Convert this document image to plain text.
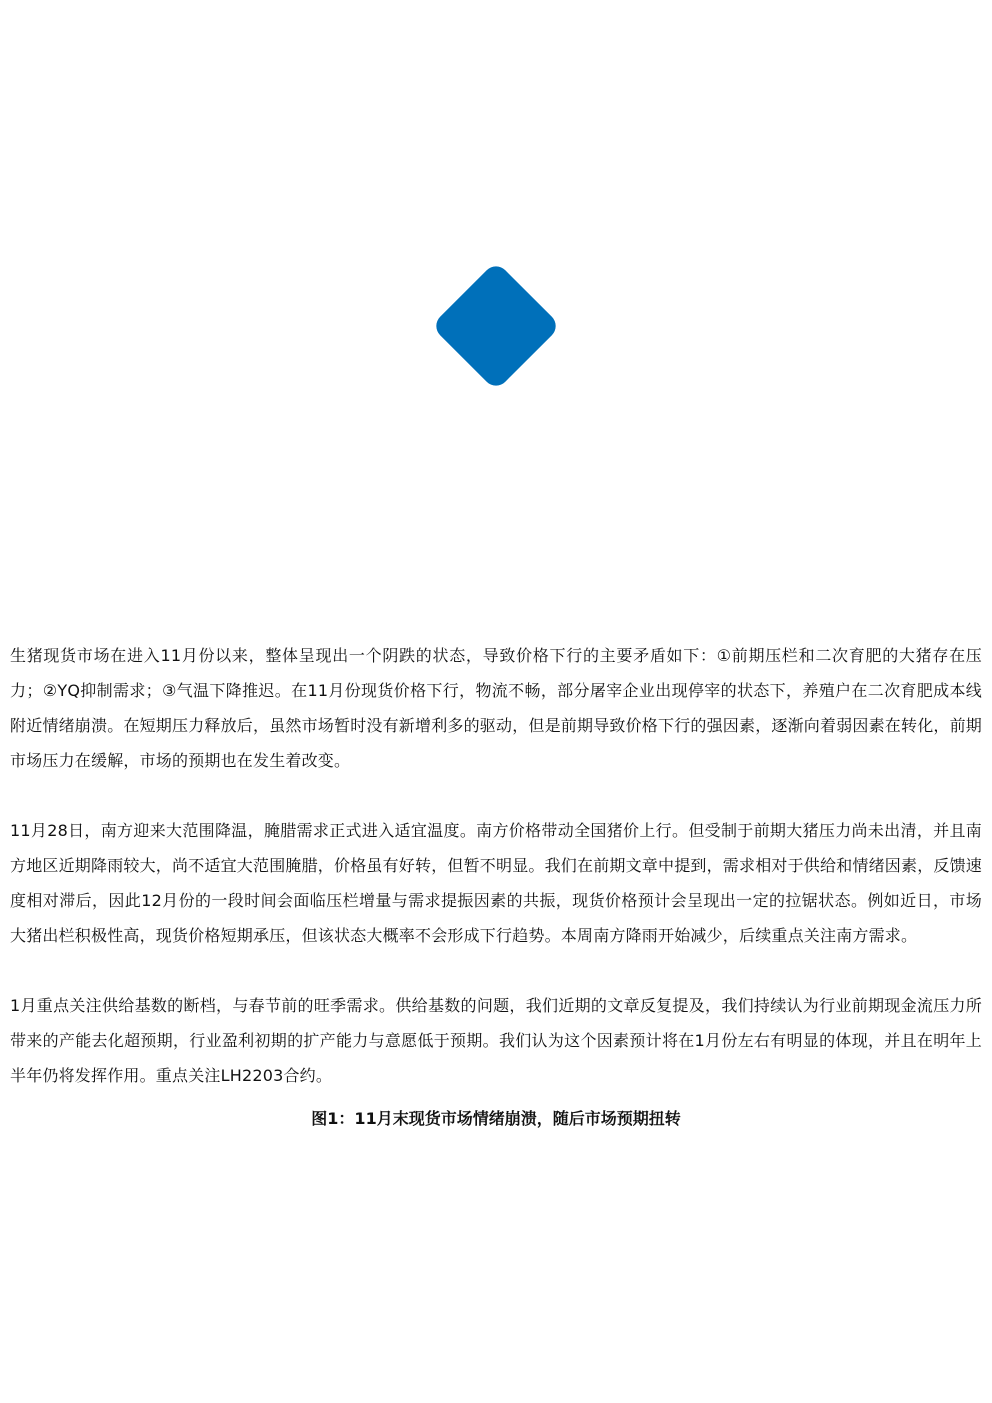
生猪现货市场在进入11月份以来，整体呈现出一个阴跌的状态，导致价格下行的主要矛盾如下：①前期压栏和二次育肥的大猪存在压力；②YQ抑制需求；③气温下降推迟。在11月份现货价格下行，物流不畅，部分屠宰企业出现停宰的状态下，养殖户在二次育肥成本线附近情绪崩溃。在短期压力释放后，虽然市场暂时没有新增利多的驱动，但是前期导致价格下行的强因素，逐渐向着弱因素在转化，前期市场压力在缓解，市场的预期也在发生着改变。

11月28日，南方迎来大范围降温，腌腊需求正式进入适宜温度。南方价格带动全国猪价上行。但受制于前期大猪压力尚未出清，并且南方地区近期降雨较大，尚不适宜大范围腌腊，价格虽有好转，但暂不明显。我们在前期文章中提到，需求相对于供给和情绪因素，反馈速度相对滞后，因此12月份的一段时间会面临压栏增量与需求提振因素的共振，现货价格预计会呈现出一定的拉锯状态。例如近日，市场大猪出栏积极性高，现货价格短期承压，但该状态大概率不会形成下行趋势。本周南方降雨开始减少，后续重点关注南方需求。

1月重点关注供给基数的断档，与春节前的旺季需求。供给基数的问题，我们近期的文章反复提及，我们持续认为行业前期现金流压力所带来的产能去化超预期，行业盈利初期的扩产能力与意愿低于预期。我们认为这个因素预计将在1月份左右有明显的体现，并且在明年上半年仍将发挥作用。重点关注LH2203合约。

图1：11月末现货市场情绪崩溃，随后市场预期扭转
